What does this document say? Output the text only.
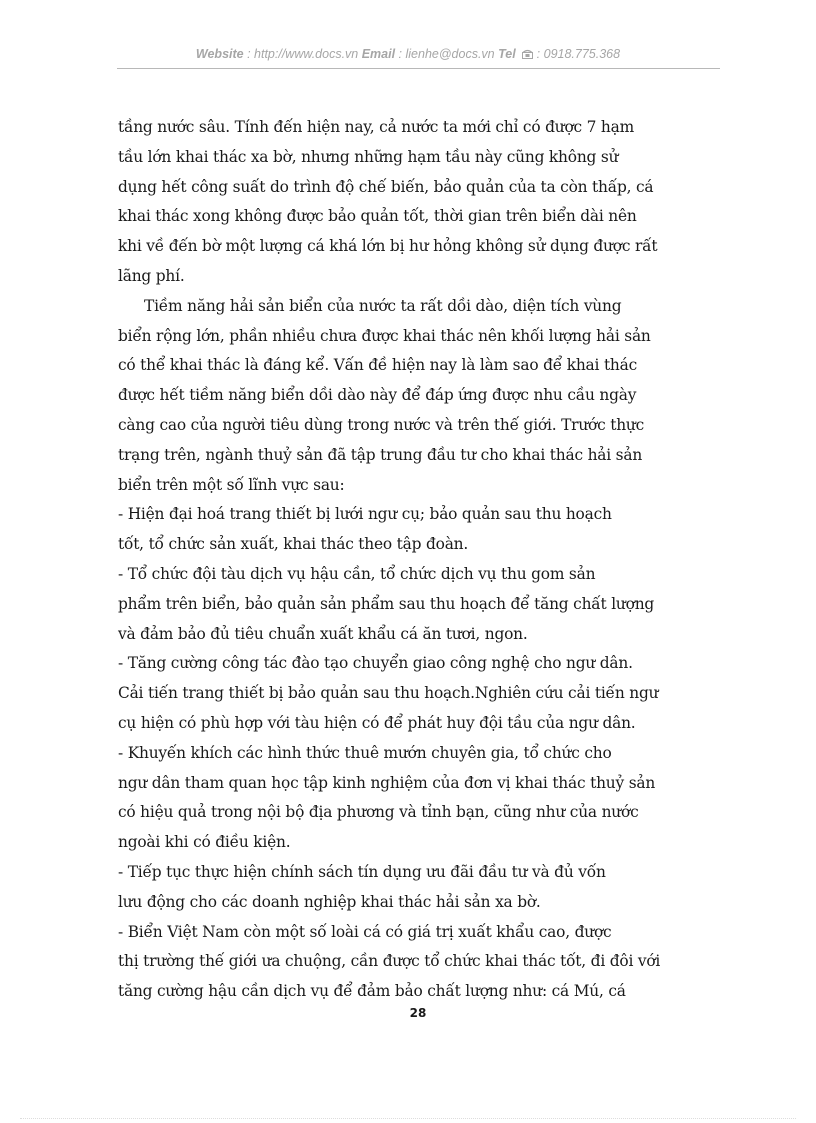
Website : http://www.docs.vn Email : lienhe@docs.vn Tel  : 0918.775.368
tầng nước sâu. Tính đến hiện nay, cả nước ta mới chỉ có được 7 hạm
tầu lớn khai thác xa bờ, nhưng những hạm tầu này cũng không sử
dụng hết công suất do trình độ chế biến, bảo quản của ta còn thấp, cá
khai thác xong không được bảo quản tốt, thời gian trên biển dài nên
khi về đến bờ một lượng cá khá lớn bị hư hỏng không sử dụng được rất
lãng phí.
Tiềm năng hải sản biển của nước ta rất dồi dào, diện tích vùng
biển rộng lớn, phần nhiều chưa được khai thác nên khối lượng hải sản
có thể khai thác là đáng kể. Vấn đề hiện nay là làm sao để khai thác
được hết tiềm năng biển dồi dào này để đáp ứng được nhu cầu ngày
càng cao của người tiêu dùng trong nước và trên thế giới. Trước thực
trạng trên, ngành thuỷ sản đã tập trung đầu tư cho khai thác hải sản
biển trên một số lĩnh vực sau:
- Hiện đại hoá trang thiết bị lưới ngư cụ; bảo quản sau thu hoạch
tốt, tổ chức sản xuất, khai thác theo tập đoàn.
- Tổ chức đội tàu dịch vụ hậu cần, tổ chức dịch vụ thu gom sản
phẩm trên biển, bảo quản sản phẩm sau thu hoạch để tăng chất lượng
và đảm bảo đủ tiêu chuẩn xuất khẩu cá ăn tươi, ngon.
- Tăng cường công tác đào tạo chuyển giao công nghệ cho ngư dân.
Cải tiến trang thiết bị bảo quản sau thu hoạch.Nghiên cứu cải tiến ngư
cụ hiện có phù hợp với tàu hiện có để phát huy đội tầu của ngư dân.
- Khuyến khích các hình thức thuê mướn chuyên gia, tổ chức cho
ngư dân tham quan học tập kinh nghiệm của đơn vị khai thác thuỷ sản
có hiệu quả trong nội bộ địa phương và tỉnh bạn, cũng như của nước
ngoài khi có điều kiện.
- Tiếp tục thực hiện chính sách tín dụng ưu đãi đầu tư và đủ vốn
lưu động cho các doanh nghiệp khai thác hải sản xa bờ.
- Biển Việt Nam còn một số loài cá có giá trị xuất khẩu cao, được
thị trường thế giới ưa chuộng, cần được tổ chức khai thác tốt, đi đôi với
tăng cường hậu cần dịch vụ để đảm bảo chất lượng như: cá Mú, cá
28
